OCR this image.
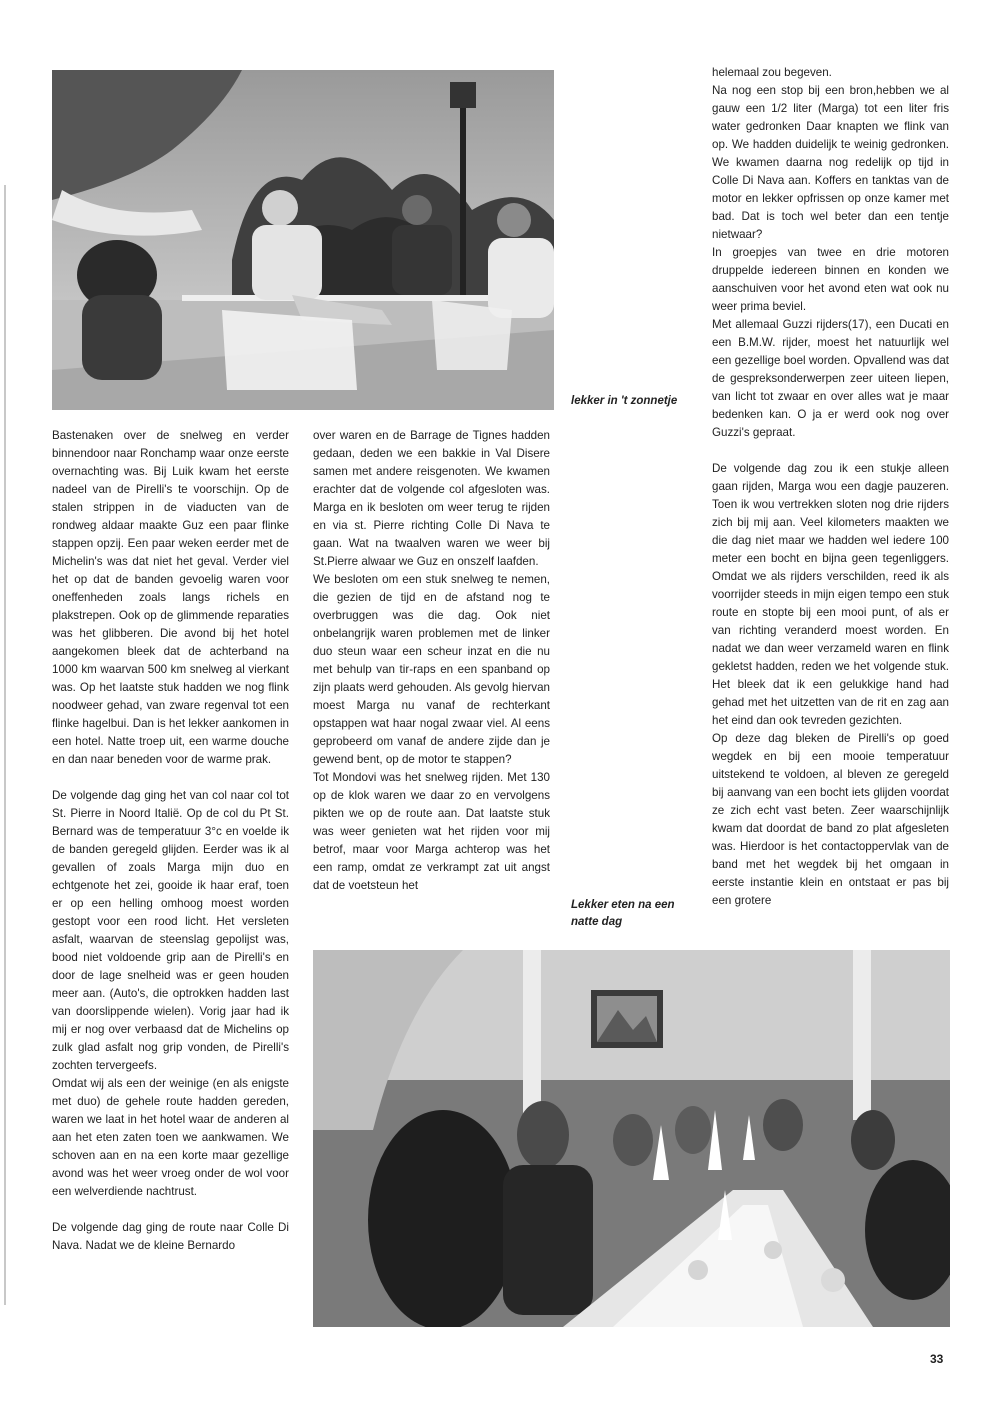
lekker in 't zonnetje
Lekker eten na een natte dag

Bastenaken over de snelweg en verder binnendoor naar Ronchamp waar onze eerste overnachting was. Bij Luik kwam het eerste nadeel van de Pirelli's te voorschijn. Op de stalen strippen in de viaducten van de rondweg aldaar maakte Guz een paar flinke stappen opzij. Een paar weken eerder met de Michelin's was dat niet het geval. Verder viel het op dat de banden gevoelig waren voor oneffenheden zoals langs richels en plakstrepen. Ook op de glimmende reparaties was het glibberen. Die avond bij het hotel aangekomen bleek dat de achterband na 1000 km waarvan 500 km snelweg al vierkant was. Op het laatste stuk hadden we nog flink noodweer gehad, van zware regenval tot een flinke hagelbui. Dan is het lekker aankomen in een hotel. Natte troep uit, een warme douche en dan naar beneden voor de warme prak.

De volgende dag ging het van col naar col tot St. Pierre in Noord Italië. Op de col du Pt St. Bernard was de temperatuur 3°c en voelde ik de banden geregeld glijden. Eerder was ik al gevallen of zoals Marga mijn duo en echtgenote het zei, gooide ik haar eraf, toen er op een helling omhoog moest worden gestopt voor een rood licht. Het versleten asfalt, waarvan de steenslag gepolijst was, bood niet voldoende grip aan de Pirelli's en door de lage snelheid was er geen houden meer aan. (Auto's, die optrokken hadden last van doorslippende wielen). Vorig jaar had ik mij er nog over verbaasd dat de Michelins op zulk glad asfalt nog grip vonden, de Pirelli's zochten tervergeefs.

Omdat wij als een der weinige (en als enigste met duo) de gehele route hadden gereden, waren we laat in het hotel waar de anderen al aan het eten zaten toen we aankwamen. We schoven aan en na een korte maar gezellige avond was het weer vroeg onder de wol voor een welverdiende nachtrust.

De volgende dag ging de route naar Colle Di Nava. Nadat we de kleine Bernardo

over waren en de Barrage de Tignes hadden gedaan, deden we een bakkie in Val Disere samen met andere reisgenoten. We kwamen erachter dat de volgende col afgesloten was. Marga en ik besloten om weer terug te rijden en via st. Pierre richting Colle Di Nava te gaan. Wat na twaalven waren we weer bij St.Pierre alwaar we Guz en onszelf laafden.

We besloten om een stuk snelweg te nemen, die gezien de tijd en de afstand nog te overbruggen was die dag. Ook niet onbelangrijk waren problemen met de linker duo steun waar een scheur inzat en die nu met behulp van tir-raps en een spanband op zijn plaats werd gehouden. Als gevolg hiervan moest Marga nu vanaf de rechterkant opstappen wat haar nogal zwaar viel. Al eens geprobeerd om vanaf de andere zijde dan je gewend bent, op de motor te stappen?

Tot Mondovi was het snelweg rijden. Met 130 op de klok waren we daar zo en vervolgens pikten we op de route aan. Dat laatste stuk was weer genieten wat het rijden voor mij betrof, maar voor Marga achterop was het een ramp, omdat ze verkrampt zat uit angst dat de voetsteun het

helemaal zou begeven.

Na nog een stop bij een bron,hebben we al gauw een 1/2 liter (Marga) tot een liter fris water gedronken Daar knapten we flink van op. We hadden duidelijk te weinig gedronken. We kwamen daarna nog redelijk op tijd in Colle Di Nava aan. Koffers en tanktas van de motor en lekker opfrissen op onze kamer met bad. Dat is toch wel beter dan een tentje nietwaar?

In groepjes van twee en drie motoren druppelde iedereen binnen en konden we aanschuiven voor het avond eten wat ook nu weer prima beviel.

Met allemaal Guzzi rijders(17), een Ducati en een B.M.W. rijder, moest het natuurlijk wel een gezellige boel worden. Opvallend was dat de gespreksonderwerpen zeer uiteen liepen, van licht tot zwaar en over alles wat je maar bedenken kan. O ja er werd ook nog over Guzzi's gepraat.

De volgende dag zou ik een stukje alleen gaan rijden, Marga wou een dagje pauzeren. Toen ik wou vertrekken sloten nog drie rijders zich bij mij aan. Veel kilometers maakten we die dag niet maar we hadden wel iedere 100 meter een bocht en bijna geen tegenliggers. Omdat we als rijders verschilden, reed ik als voorrijder steeds in mijn eigen tempo een stuk route en stopte bij een mooi punt, of als er van richting veranderd moest worden. En nadat we dan weer verzameld waren en flink gekletst hadden, reden we het volgende stuk. Het bleek dat ik een gelukkige hand had gehad met het uitzetten van de rit en zag aan het eind dan ook tevreden gezichten.

Op deze dag bleken de Pirelli's op goed wegdek en bij een mooie temperatuur uitstekend te voldoen, al bleven ze geregeld bij aanvang van een bocht iets glijden voordat ze zich echt vast beten. Zeer waarschijnlijk kwam dat doordat de band zo plat afgesleten was. Hierdoor is het contactoppervlak van de band met het wegdek bij het omgaan in eerste instantie klein en ontstaat er pas bij een grotere

33
